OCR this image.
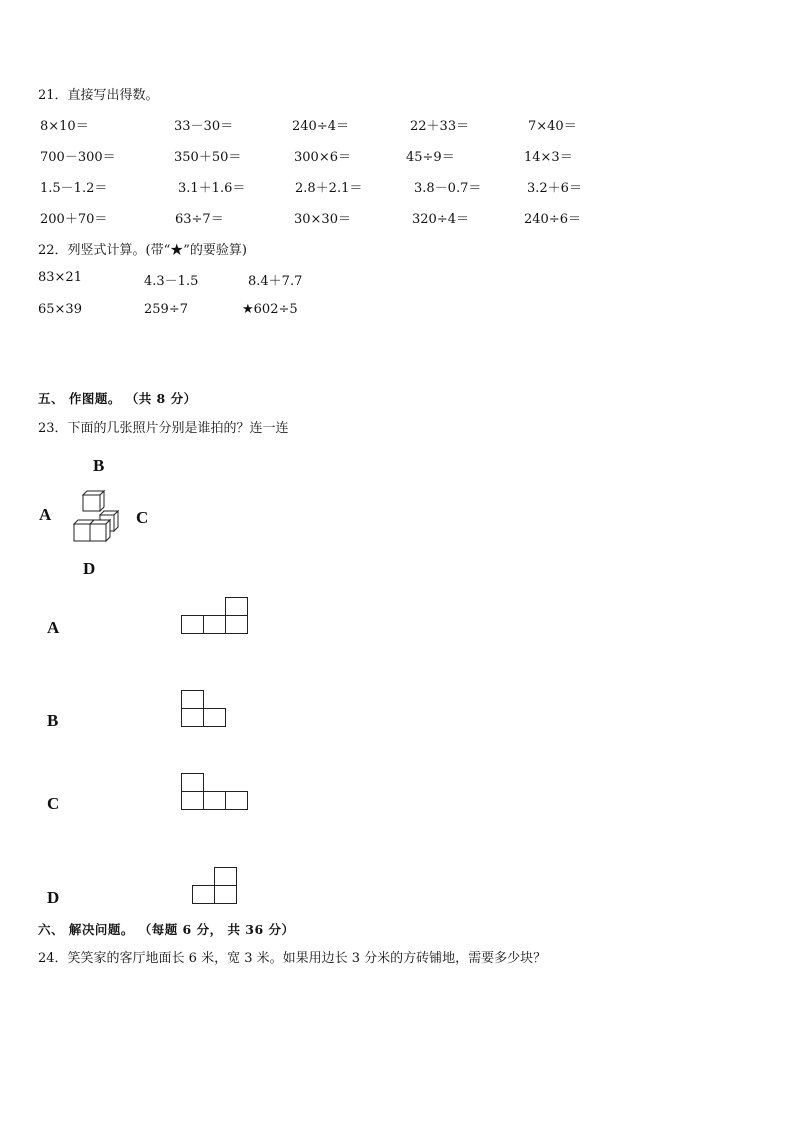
21．直接写出得数。
8×10＝	33－30＝	240÷4＝	22＋33＝	7×40＝
700－300＝	350＋50＝	300×6＝	45÷9＝	14×3＝
1.5－1.2＝	3.1＋1.6＝	2.8＋2.1＝	3.8－0.7＝	3.2＋6＝
200＋70＝	63÷7＝	30×30＝	320÷4＝	240÷6＝
22．列竖式计算。(带“★”的要验算)
83×21	4.3－1.5	8.4＋7.7
65×39	259÷7	★602÷5
五、 作图题。 （共 8 分）
23．下面的几张照片分别是谁拍的？连一连
B
A	C
D
A
B
C
D
六、 解决问题。 （每题 6 分， 共 36 分）
24．笑笑家的客厅地面长 6 米，宽 3 米。如果用边长 3 分米的方砖铺地，需要多少块？
